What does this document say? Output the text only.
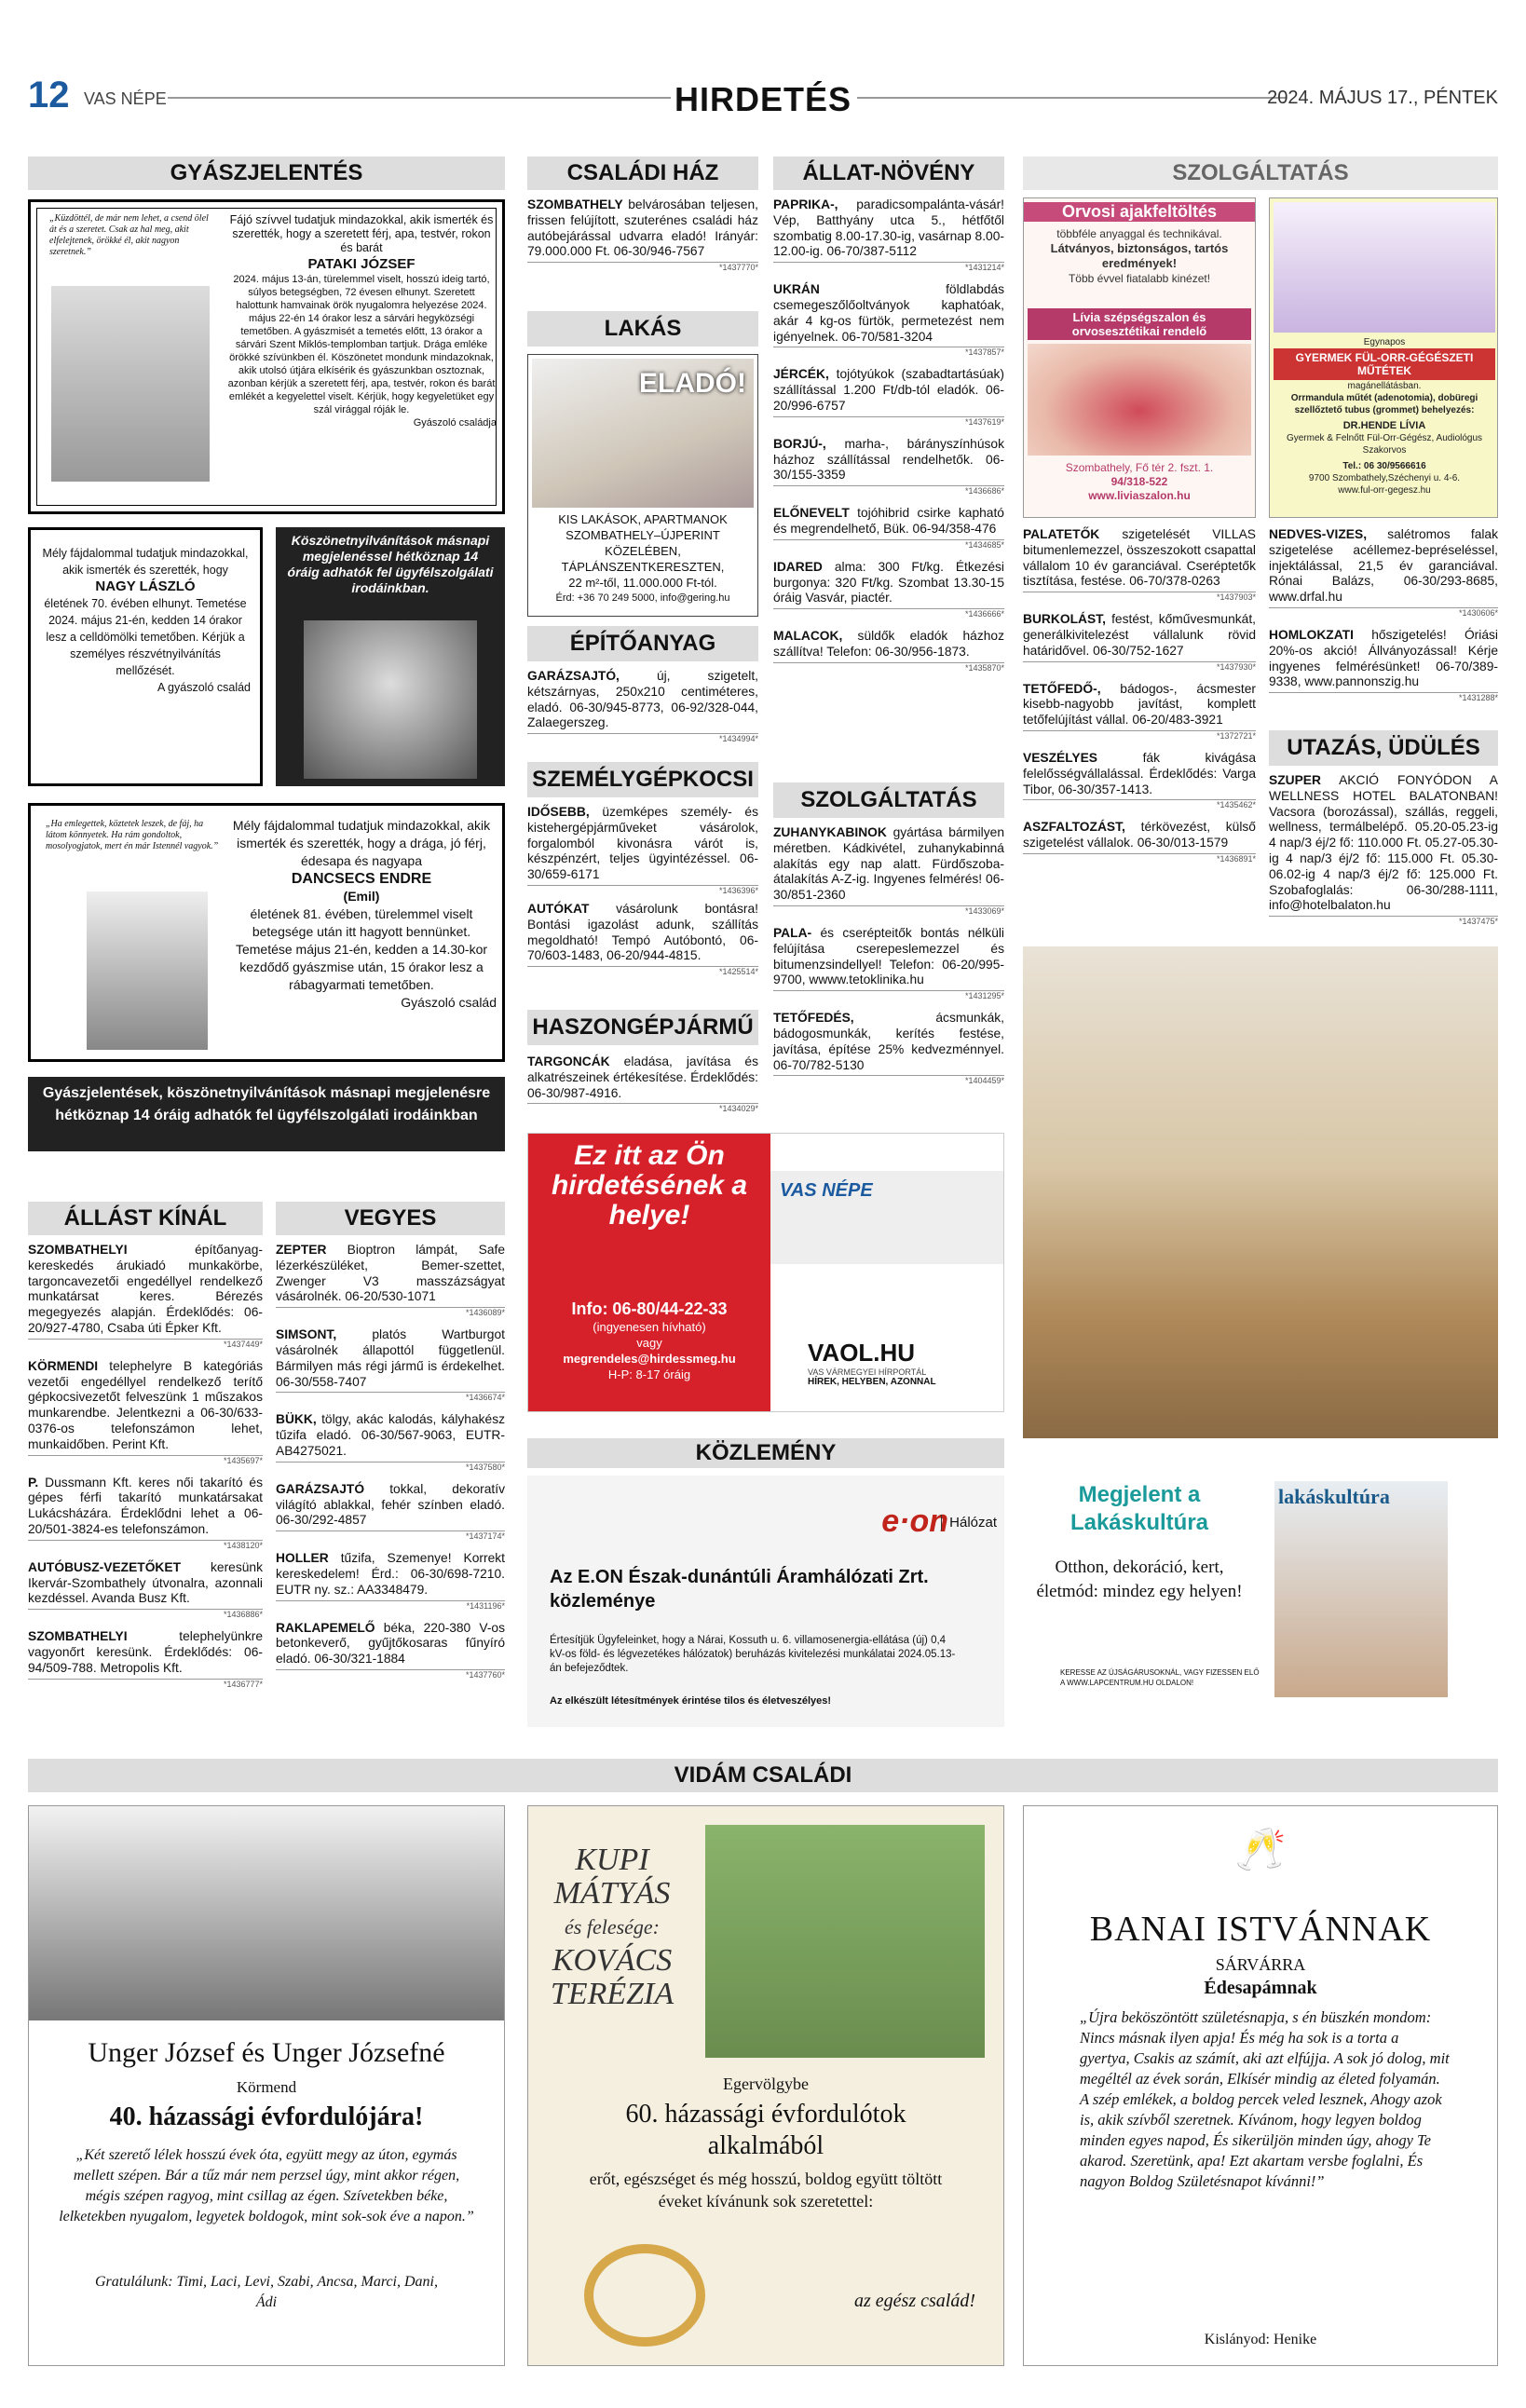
12 VAS NÉPE	HIRDETÉS	2024. MÁJUS 17., PÉNTEK
GYÁSZJELENTÉS	CSALÁDI HÁZ	ÁLLAT-NÖVÉNY	SZOLGÁLTATÁS
„Küzdöttél, de már nem lehet, a csend ölel át és a szeretet. Csak az hal meg, akit elfelejtenek, örökké él, akit nagyon szeretnek.”
Fájó szívvel tudatjuk mindazokkal, akik ismerték és szerették, hogy a szeretett férj, apa, testvér, rokon és barát
PATAKI JÓZSEF
2024. május 13-án, türelemmel viselt, hosszú ideig tartó, súlyos betegségben, 72 évesen elhunyt. Szeretett halottunk hamvainak örök nyugalomra helyezése 2024. május 22-én 14 órakor lesz a sárvári hegyközségi temetőben. A gyászmisét a temetés előtt, 13 órakor a sárvári Szent Miklós-templomban tartjuk. Drága emlékе örökké szívünkben él. Köszönetet mondunk mindazoknak, akik utolsó útjára elkísérik és gyászunkban osztoznak, azonban kérjük a szeretett férj, apa, testvér, rokon és barát emlékét a kegyelettel viselt. Kérjük, hogy kegyeletüket egy szál virággal róják le.
Gyászoló családja
Mély fájdalommal tudatjuk mindazokkal, akik ismerték és szerették, hogy
NAGY LÁSZLÓ
életének 70. évében elhunyt. Temetése 2024. május 21-én, kedden 14 órakor lesz a celldömölki temetőben. Kérjük a személyes részvétnyilvánítás mellőzését.
A gyászoló család
Köszönetnyilvánítások másnapi megjelenéssel hétköznap 14 óráig adhatók fel ügyfélszolgálati irodáinkban.
„Ha emlegettek, köztetek leszek, de fáj, ha látom könnyetek. Ha rám gondoltok, mosolyogjatok, mert én már Istennél vagyok.”
Mély fájdalommal tudatjuk mindazokkal, akik ismerték és szerették, hogy a drága, jó férj, édesapa és nagyapa
DANCSECS ENDRE
(Emil)
életének 81. évében, türelemmel viselt betegsége után itt hagyott bennünket. Temetése május 21-én, kedden a 14.30-kor kezdődő gyászmise után, 15 órakor lesz a rábagyarmati temetőben.
Gyászoló család
Gyászjelentések, köszönetnyilvánítások másnapi megjelenésre hétköznap 14 óráig adhatók fel ügyfélszolgálati irodáinkban
SZOMBATHELY belvárosában teljesen, frissen felújított, szuterénes családi ház autóbejárással udvarra eladó! Irányár: 79.000.000 Ft. 06-30/946-7567
*1437770*
LAKÁS
ELADÓ!
KIS LAKÁSOK, APARTMANOK
SZOMBATHELY–ÚJPERINT KÖZELÉBEN,
TÁPLÁNSZENTKERESZTEN,
22 m²-től, 11.000.000 Ft-tól.
Érd: +36 70 249 5000, info@gering.hu
ÉPÍTŐANYAG
GARÁZSAJTÓ,	új, szigetelt, kétszárnyas, 250x210 centiméteres, eladó. 06-30/945-8773, 06-92/328-044, Zalaegerszeg.
*1434994*
SZEMÉLYGÉPKOCSI
IDŐSEBB, üzemképes személy- és kistehergépjárműveket vásárolok, forgalomból kivonásra várót is, készpénzért, teljes ügyintézéssel. 06-30/659-6171
*1436396*
AUTÓKAT vásárolunk bontásra! Bontási igazolást adunk, szállítás megoldható! Tempó Autóbontó, 06-70/603-1483, 06-20/944-4815.
*1425514*
HASZONGÉPJÁRMŰ
TARGONCÁK eladása, javítása és alkatrészeinek értékesítése. Érdeklődés: 06-30/987-4916.
*1434029*
PAPRIKA-, paradicsompalánta-vásár! Vép, Batthyány utca 5., hétfőtől szombatig 8.00-17.30-ig, vasárnap 8.00-12.00-ig. 06-70/387-5112
*1431214*
UKRÁN	földlabdás csemegeszőlőoltványok kaphatóak, akár 4 kg-os fürtök, permetezést nem igényelnek. 06-70/581-3204
*1437857*
JÉRCÉK, tojótyúkok (szabadtartásúak) szállítással 1.200 Ft/db-tól eladók. 06-20/996-6757
*1437619*
BORJÚ-, marha-, bárányszínhúsok házhoz szállítással rendelhetők. 06-30/155-3359
*1436686*
ELŐNEVELT tojóhibrid csirke kapható és megrendelhető, Bük. 06-94/358-476
*1434685*
IDARED alma: 300 Ft/kg. Étkezési burgonya: 320 Ft/kg. Szombat 13.30-15 óráig Vasvár, piactér.
*1436666*
MALACOK, süldők eladók házhoz szállítva! Telefon: 06-30/956-1873.
*1435870*
SZOLGÁLTATÁS
ZUHANYKABINOK gyártása bármilyen méretben. Kádkivétel, zuhanykabinná alakítás egy nap alatt. Fürdőszoba-átalakítás A-Z-ig. Ingyenes felmérés! 06-30/851-2360
*1433069*
PALA- és cserépteitők bontás nélküli felújítása cserepeslemezzel és bitumenzsindellyel! Telefon: 06-20/995-9700, wwww.tetoklinika.hu
*1431295*
TETŐFEDÉS,	ácsmunkák, bádogosmunkák, kerítés festése, javítása, építése 25% kedvezménnyel. 06-70/782-5130
*1404459*
Orvosi ajakfeltöltés
többféle anyaggal és technikával.
Látványos, biztonságos, tartós eredmények!
Több évvel fiatalabb kinézet!
Lívia szépségszalon és orvosesztétikai rendelő
Szombathely, Fő tér 2. fszt. 1.
94/318-522
www.liviaszalon.hu
Egynapos
GYERMEK FÜL-ORR-GÉGÉSZETI MŰTÉTEK
magánellátásban.
Orrmandula műtét (adenotomia), dobüregi szellőztető tubus (grommet) behelyezés:
DR.HENDE LÍVIA
Gyermek & Felnőtt Fül-Orr-Gégész, Audiológus Szakorvos
Tel.: 06 30/9566616
9700 Szombathely,Széchenyi u. 4-6.
www.ful-orr-gegesz.hu
PALATETŐK szigetelését VILLAS bitumenlemezzel, összeszokott csapattal vállalom 10 év garanciával. Cseréptetők tisztítása, festése. 06-70/378-0263
*1437903*
BURKOLÁST, festést, kőművesmunkát, generálkivitelezést vállalunk rövid határidővel. 06-30/752-1627
*1437930*
TETŐFEDŐ-, bádogos-, ácsmester kisebb-nagyobb javítást, komplett tetőfelújítást vállal. 06-20/483-3921
*1372721*
VESZÉLYES	fák kivágása felelősségvállalással. Érdeklődés: Varga Tibor, 06-30/357-1413.
*1435462*
ASZFALTOZÁST, térkövezést, külső szigetelést vállalok. 06-30/013-1579
*1436891*
NEDVES-VIZES, salétromos falak szigetelése acéllemez-bepréseléssel, injektálással, 21,5 év garanciával. Rónai Balázs, 06-30/293-8685, www.drfal.hu
*1430606*
HOMLOKZATI hőszigetelés! Óriási 20%-os akció! Állványozással! Kérje ingyenes felmérésünket! 06-70/389-9338, www.pannonszig.hu
*1431288*
UTAZÁS, ÜDÜLÉS
SZUPER AKCIÓ FONYÓDON A WELLNESS HOTEL BALATONBAN! Vacsora (borozással), szállás, reggeli, wellness, termálbelépő. 05.20-05.23-ig 4 nap/3 éj/2 fő: 110.000 Ft. 05.27-05.30-ig 4 nap/3 éj/2 fő: 115.000 Ft. 05.30-06.02-ig 4 nap/3 éj/2 fő: 125.000 Ft. Szobafoglalás: 06-30/288-1111, info@hotelbalaton.hu
*1437475*
Ez itt az Ön hirdetésének a helye!
VAS NÉPE
Info: 06-80/44-22-33
(ingyenesen hívható)
vagy
megrendeles@hirdessmeg.hu
H-P: 8-17 óráig
VAOL.HU
VAS VÁRMEGYEI HÍRPORTÁL
HÍREK, HELYBEN, AZONNAL
KÖZLEMÉNY
e·on Hálózat
Az E.ON Észak-dunántúli Áramhálózati Zrt. közleménye
Értesítjük Ügyfeleinket, hogy a Nárai, Kossuth u. 6. villamosenergia-ellátása (új) 0,4 kV-os föld- és légvezetékes hálózatok) beruházás kivitelezési munkálatai 2024.05.13-án befejeződtek.
Az elkészült létesítmények érintése tilos és életveszélyes!
Megjelent a Lakáskultúra
Otthon, dekoráció, kert, életmód: mindez egy helyen!
lakáskultúra
KERESSE AZ ÚJSÁGÁRUSOKNÁL, VAGY FIZESSEN ELŐ A WWW.LAPCENTRUM.HU OLDALON!
ÁLLÁST KÍNÁL	VEGYES
SZOMBATHELYI	építőanyag-kereskedés árukiadó munkakörbe, targoncavezetői engedéllyel rendelkező munkatársat keres. Bérezés megegyezés alapján. Érdeklődés: 06-20/927-4780, Csaba úti Épker Kft.
*1437449*
KÖRMENDI telephelyre B kategóriás vezetői engedéllyel rendelkező terítő gépkocsivezetőt felveszünk 1 műszakos munkarendbe. Jelentkezni a 06-30/633-0376-os telefonszámon lehet, munkaidőben. Perint Kft.
*1435697*
P. Dussmann Kft. keres női takarító és gépes férfi takarító munkatársakat Lukácsházára. Érdeklődni lehet a 06-20/501-3824-es telefonszámon.
*1438120*
AUTÓBUSZ-VEZETŐKET keresünk Ikervár-Szombathely útvonalra, azonnali kezdéssel. Avanda Busz Kft.
*1436886*
SZOMBATHELYI	telephelyünkre vagyonőrt keresünk. Érdeklődés: 06-94/509-788. Metropolis Kft.
*1436777*
ZEPTER Bioptron lámpát, Safe lézerkészüléket, Bemer-szettet, Zwenger V3 masszázságyat vásárolnék. 06-20/530-1071
*1436089*
SIMSONT,	platós Wartburgot vásárolnék állapottól függetlenül. Bármilyen más régi jármű is érdekelhet. 06-30/558-7407
*1436674*
BÜKK, tölgy, akác kalodás, kályhakész tűzifa eladó. 06-30/567-9063, EUTR-AB4275021.
*1437580*
GARÁZSAJTÓ tokkal, dekoratív világító ablakkal, fehér színben eladó. 06-30/292-4857
*1437174*
HOLLER tűzifa, Szemenye! Korrekt kereskedelem! Érd.: 06-30/698-7210. EUTR ny. sz.: AA3348479.
*1431196*
RAKLAPEMELŐ béka, 220-380 V-os betonkeverő, gyűjtőkosaras fűnyíró eladó. 06-30/321-1884
*1437760*
VIDÁM CSALÁDI
Unger József és Unger Józsefné
Körmend
40. házassági évfordulójára!
„Két szerető lélek hosszú évek óta, együtt megy az úton, egymás mellett szépen. Bár a tűz már nem perzsel úgy, mint akkor régen, mégis szépen ragyog, mint csillag az égen. Szívetekben béke, lelketekben nyugalom, legyetek boldogok, mint sok-sok éve a napon.”
Gratulálunk: Timi, Laci, Levi, Szabi, Ancsa, Marci, Dani, Ádi
KUPI
MÁTYÁS
és felesége:
KOVÁCS
TERÉZIA
Egervölgybe
60. házassági évfordulótok alkalmából
erőt, egészséget és még hosszú, boldog együtt töltött éveket kívánunk sok szeretettel:
az egész család!
🥂
BANAI ISTVÁNNAK
SÁRVÁRRA
Édesapámnak
„Újra beköszöntött születésnapja, s én büszkén mondom: Nincs másnak ilyen apja! És még ha sok is a torta a gyertya, Csakis az számít, aki azt elfújja. A sok jó dolog, mit megéltél az évek során, Elkísér mindig az életed folyamán. A szép emlékek, a boldog percek veled lesznek, Ahogy azok is, akik szívből szeretnek. Kívánom, hogy legyen boldog minden egyes napod, És sikerüljön minden úgy, ahogy Te akarod. Szeretünk, apa! Ezt akartam versbe foglalni, És nagyon Boldog Születésnapot kívánni!”
Kislányod: Henike
